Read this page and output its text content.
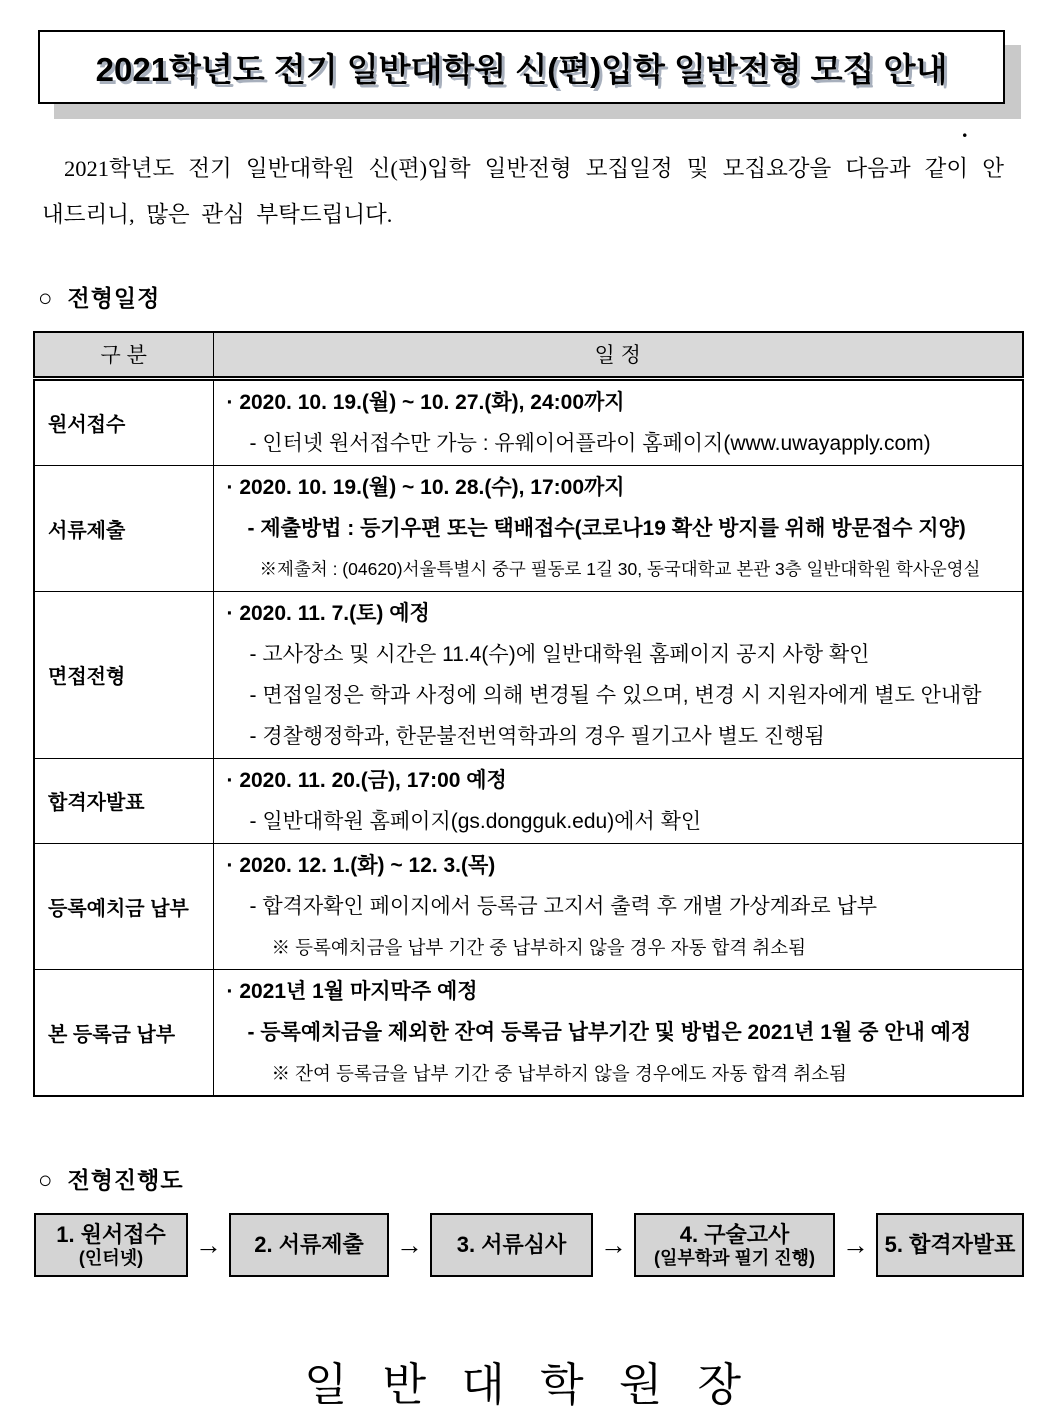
2021학년도 전기 일반대학원 신(편)입학 일반전형 모집 안내
.
2021학년도 전기 일반대학원 신(편)입학 일반전형 모집일정 및 모집요강을 다음과 같이 안
내드리니, 많은 관심 부탁드립니다.
○ 전형일정
구 분	일 정
원서접수	· 2020. 10. 19.(월) ~ 10. 27.(화), 24:00까지
- 인터넷 원서접수만 가능 : 유웨이어플라이 홈페이지(www.uwayapply.com)

서류제출	· 2020. 10. 19.(월) ~ 10. 28.(수), 17:00까지
- 제출방법 : 등기우편 또는 택배접수(코로나19 확산 방지를 위해 방문접수 지양)
※제출처 : (04620)서울특별시 중구 필동로 1길 30, 동국대학교 본관 3층 일반대학원 학사운영실

면접전형	· 2020. 11. 7.(토) 예정
- 고사장소 및 시간은 11.4(수)에 일반대학원 홈페이지 공지 사항 확인
- 면접일정은 학과 사정에 의해 변경될 수 있으며, 변경 시 지원자에게 별도 안내함
- 경찰행정학과, 한문불전번역학과의 경우 필기고사 별도 진행됨

합격자발표	· 2020. 11. 20.(금), 17:00 예정
- 일반대학원 홈페이지(gs.dongguk.edu)에서 확인

등록예치금 납부	· 2020. 12. 1.(화) ~ 12. 3.(목)
- 합격자확인 페이지에서 등록금 고지서 출력 후 개별 가상계좌로 납부
※ 등록예치금을 납부 기간 중 납부하지 않을 경우 자동 합격 취소됨

본 등록금 납부	· 2021년 1월 마지막주 예정
- 등록예치금을 제외한 잔여 등록금 납부기간 및 방법은 2021년 1월 중 안내 예정
※ 잔여 등록금을 납부 기간 중 납부하지 않을 경우에도 자동 합격 취소됨
○ 전형진행도
1. 원서접수
(인터넷) →	2. 서류제출 →	3. 서류심사 →	4. 구술고사
(일부학과 필기 진행) → 5. 합격자발표
일 반 대 학 원 장
